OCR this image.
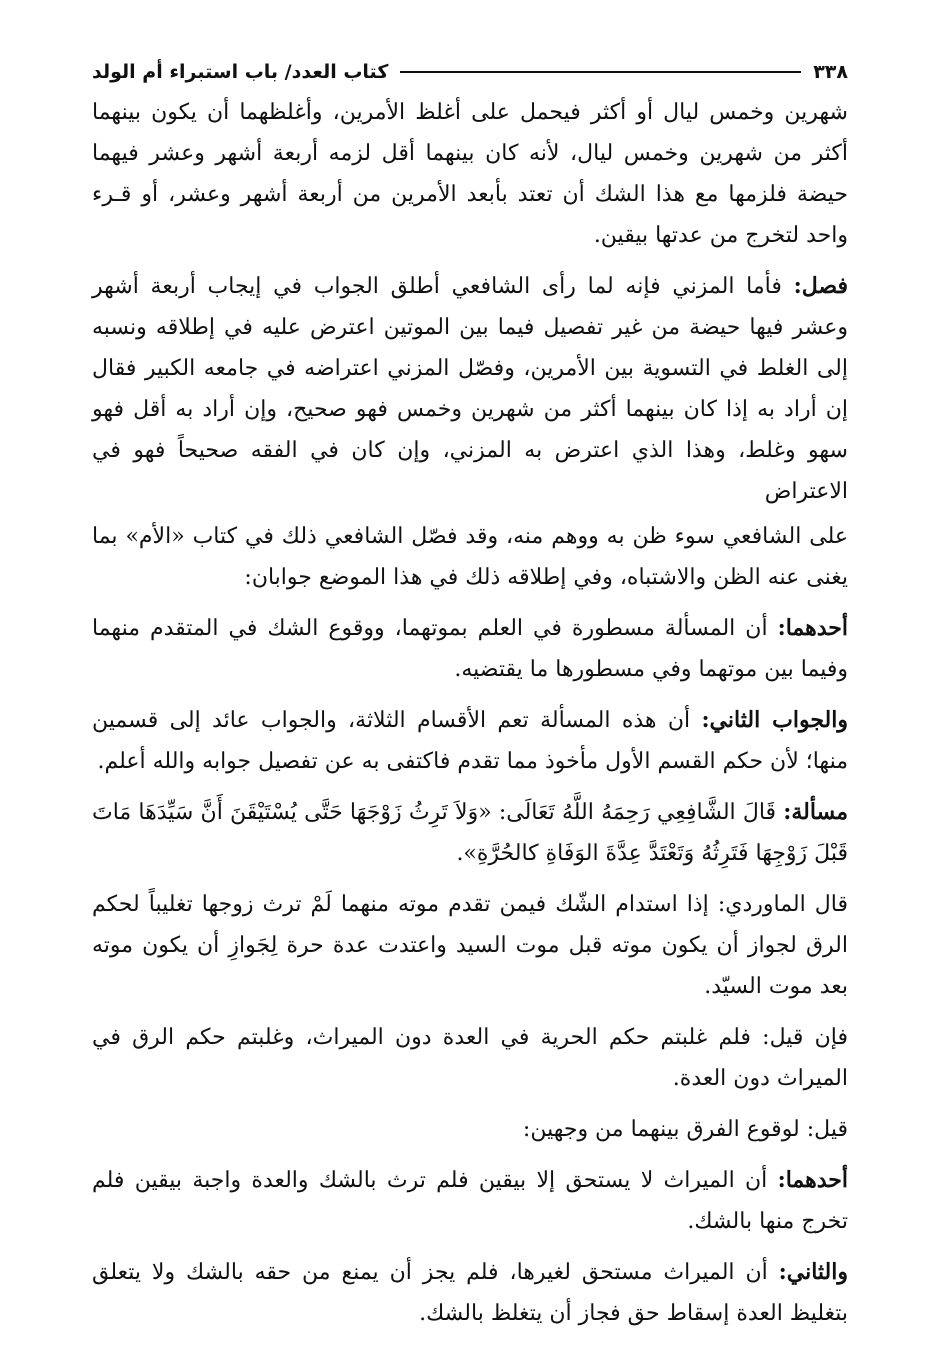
٣٣٨
كتاب العدد/ باب استبراء أم الولد

شهرين وخمس ليال أو أكثر فيحمل على أغلظ الأمرين، وأغلظهما أن يكون بينهما أكثر من شهرين وخمس ليال، لأنه كان بينهما أقل لزمه أربعة أشهر وعشر فيهما حيضة فلزمها مع هذا الشك أن تعتد بأبعد الأمرين من أربعة أشهر وعشر، أو قـرء واحد لتخرج من عدتها بيقين.

فصل: فأما المزني فإنه لما رأى الشافعي أطلق الجواب في إيجاب أربعة أشهر وعشر فيها حيضة من غير تفصيل فيما بين الموتين اعترض عليه في إطلاقه ونسبه إلى الغلط في التسوية بين الأمرين، وفصّل المزني اعتراضه في جامعه الكبير فقال إن أراد به إذا كان بينهما أكثر من شهرين وخمس فهو صحيح، وإن أراد به أقل فهو سهو وغلط، وهذا الذي اعترض به المزني، وإن كان في الفقه صحيحاً فهو في الاعتراض

على الشافعي سوء ظن به ووهم منه، وقد فصّل الشافعي ذلك في كتاب «الأم» بما يغنى عنه الظن والاشتباه، وفي إطلاقه ذلك في هذا الموضع جوابان:

أحدهما: أن المسألة مسطورة في العلم بموتهما، ووقوع الشك في المتقدم منهما وفيما بين موتهما وفي مسطورها ما يقتضيه.

والجواب الثاني: أن هذه المسألة تعم الأقسام الثلاثة، والجواب عائد إلى قسمين منها؛ لأن حكم القسم الأول مأخوذ مما تقدم فاكتفى به عن تفصيل جوابه والله أعلم.

مسألة: قَالَ الشَّافِعِي رَحِمَهُ اللَّهُ تَعَالَى: «وَلاَ تَرِثُ زَوْجَهَا حَتَّى يُسْتَيْقَنَ أَنَّ سَيِّدَهَا مَاتَ قَبْلَ زَوْجِهَا فَتَرِثُهُ وَتَعْتَدَّ عِدَّةَ الوَفَاةِ كالحُرَّةِ».

قال الماوردي: إذا استدام الشّك فيمن تقدم موته منهما لَمْ ترث زوجها تغليباً لحكم الرق لجواز أن يكون موته قبل موت السيد واعتدت عدة حرة لِجَوازِ أن يكون موته بعد موت السيّد.

فإن قيل: فلم غلبتم حكم الحرية في العدة دون الميراث، وغلبتم حكم الرق في الميراث دون العدة.

قيل: لوقوع الفرق بينهما من وجهين:

أحدهما: أن الميراث لا يستحق إلا بيقين فلم ترث بالشك والعدة واجبة بيقين فلم تخرج منها بالشك.

والثاني: أن الميراث مستحق لغيرها، فلم يجز أن يمنع من حقه بالشك ولا يتعلق بتغليظ العدة إسقاط حق فجاز أن يتغلظ بالشك.
